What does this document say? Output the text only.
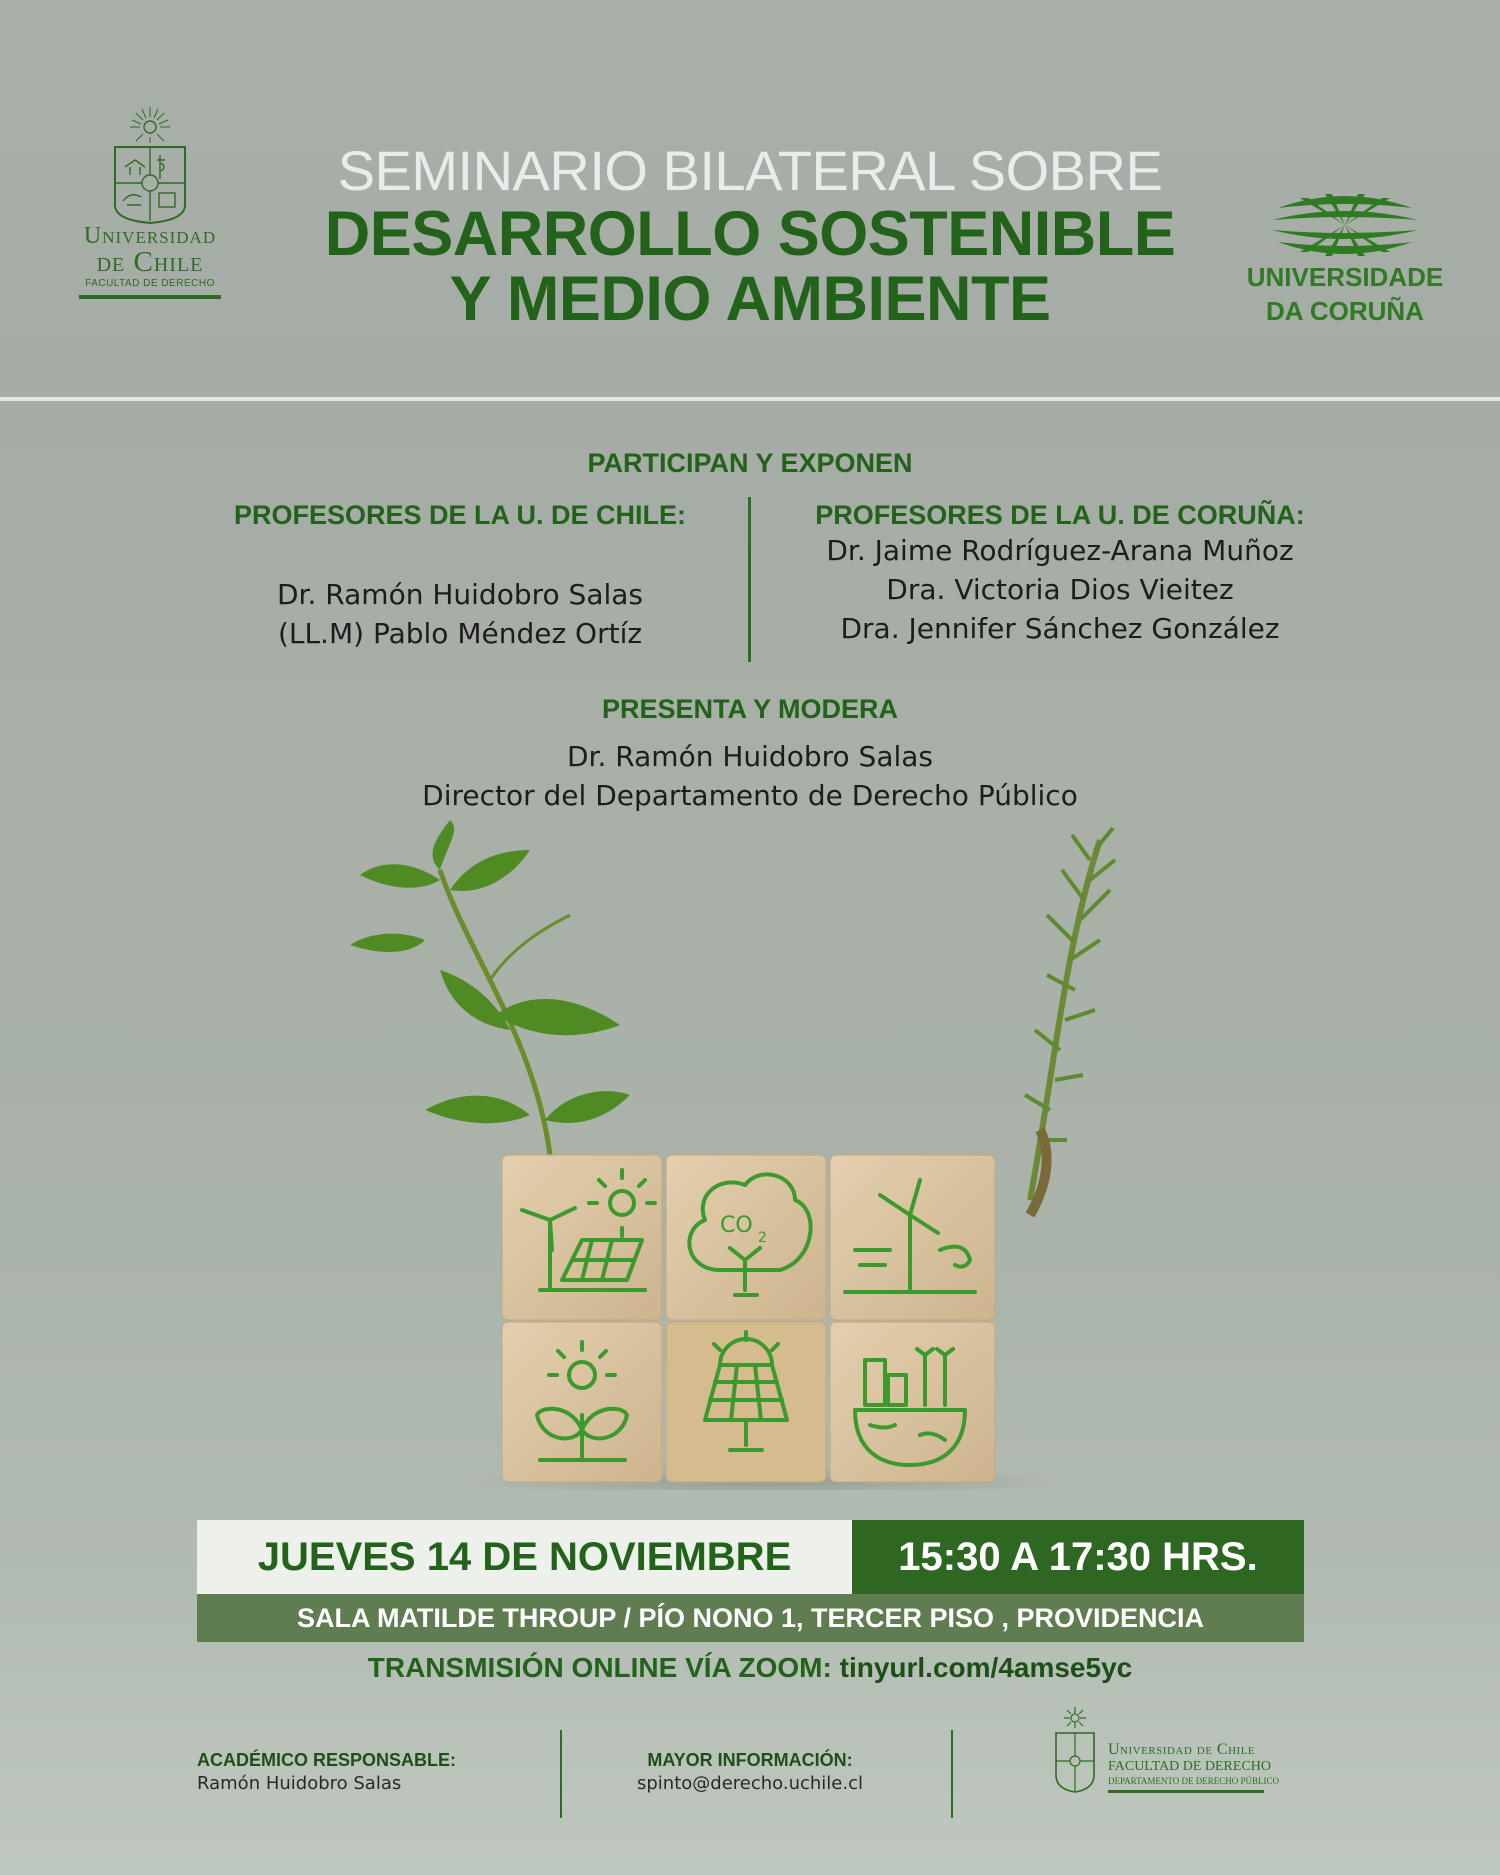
Universidad
de Chile
FACULTAD DE DERECHO
SEMINARIO BILATERAL SOBRE
DESARROLLO SOSTENIBLE
Y MEDIO AMBIENTE	UNIVERSIDADE
DA CORUÑA
PARTICIPAN Y EXPONEN
PROFESORES DE LA U. DE CHILE:
Dr. Ramón Huidobro Salas
(LL.M) Pablo Méndez Ortíz
PROFESORES DE LA U. DE CORUÑA:
Dr. Jaime Rodríguez-Arana Muñoz
Dra. Victoria Dios Vieitez
Dra. Jennifer Sánchez González
PRESENTA Y MODERA
Dr. Ramón Huidobro Salas
Director del Departamento de Derecho Público
CO 2
JUEVES 14 DE NOVIEMBRE	15:30 A 17:30 HRS.
SALA MATILDE THROUP / PÍO NONO 1, TERCER PISO , PROVIDENCIA
TRANSMISIÓN ONLINE VÍA ZOOM: tinyurl.com/4amse5yc
ACADÉMICO RESPONSABLE:
Ramón Huidobro Salas
MAYOR INFORMACIÓN:
spinto@derecho.uchile.cl
Universidad de Chile
FACULTAD DE DERECHO
DEPARTAMENTO DE DERECHO PÚBLICO
